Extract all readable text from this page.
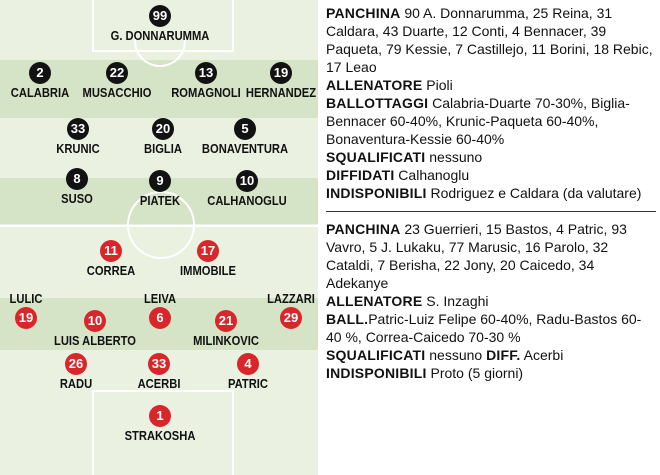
99
G. DONNARUMMA
2
CALABRIA
22
MUSACCHIO
13
ROMAGNOLI
19
HERNANDEZ
33
KRUNIC
20
BIGLIA
5
BONAVENTURA
8
SUSO
9
PIATEK
10
CALHANOGLU
11
CORREA
17
IMMOBILE
LULIC
19
LEIVA
6
LAZZARI
29
10
LUIS ALBERTO
21
MILINKOVIC
26
RADU
33
ACERBI
4
PATRIC
1
STRAKOSHA

PANCHINA 90 A. Donnarumma, 25 Reina, 31 Caldara, 43 Duarte, 12 Conti, 4 Bennacer, 39 Paqueta, 79 Kessie, 7 Castillejo, 11 Borini, 18 Rebic, 17 Leao

ALLENATORE Pioli

BALLOTTAGGI Calabria-Duarte 70-30%, Biglia-Bennacer 60-40%, Krunic-Paqueta 60-40%, Bonaventura-Kessie 60-40%

SQUALIFICATI nessuno

DIFFIDATI Calhanoglu

INDISPONIBILI Rodriguez e Caldara (da valutare)

PANCHINA 23 Guerrieri, 15 Bastos, 4 Patric, 93 Vavro, 5 J. Lukaku, 77 Marusic, 16 Parolo, 32 Cataldi, 7 Berisha, 22 Jony, 20 Caicedo, 34 Adekanye

ALLENATORE S. Inzaghi

BALL.Patric-Luiz Felipe 60-40%, Radu-Bastos 60-40 %, Correa-Caicedo 70-30 %

SQUALIFICATI nessuno DIFF. Acerbi

INDISPONIBILI Proto (5 giorni)
